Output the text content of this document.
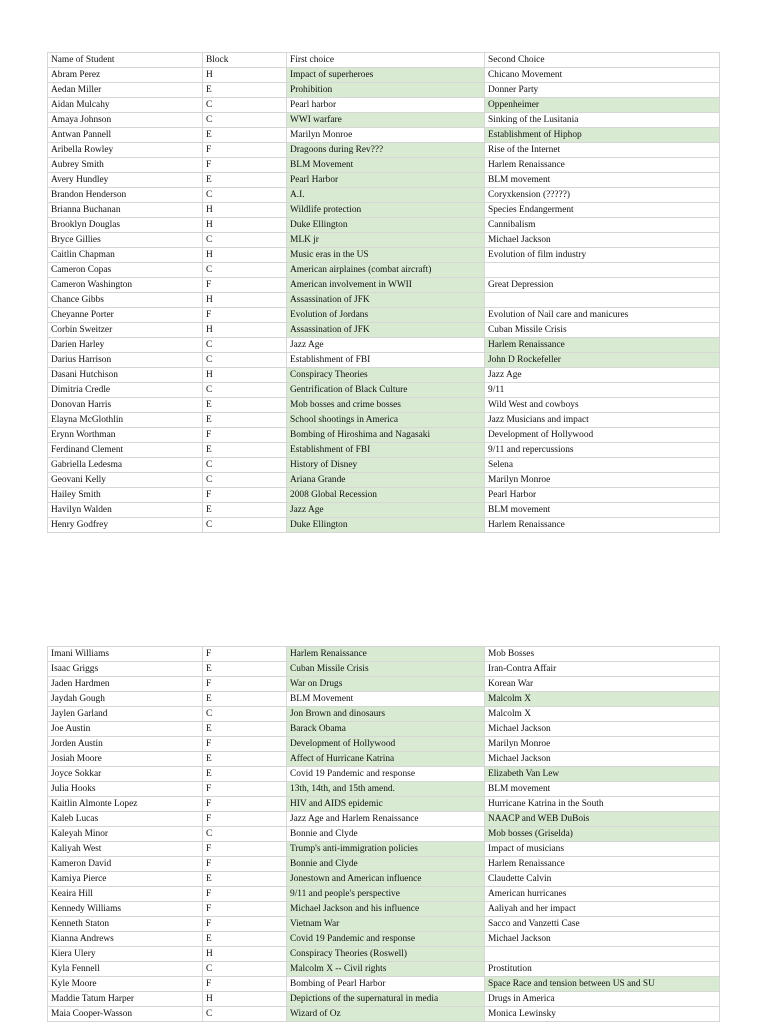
Name of Student	Block	First choice	Second Choice
Abram Perez	H	Impact of superheroes	Chicano Movement
Aedan Miller	E	Prohibition	Donner Party
Aidan Mulcahy	C	Pearl harbor	Oppenheimer
Amaya Johnson	C	WWI warfare	Sinking of the Lusitania
Antwan Pannell	E	Marilyn Monroe	Establishment of Hiphop
Aribella Rowley	F	Dragoons during Rev???	Rise of the Internet
Aubrey Smith	F	BLM Movement	Harlem Renaissance
Avery Hundley	E	Pearl Harbor	BLM movement
Brandon Henderson	C	A.I.	Coryxkension (?????)
Brianna Buchanan	H	Wildlife protection	Species Endangerment
Brooklyn Douglas	H	Duke Ellington	Cannibalism
Bryce Gillies	C	MLK jr	Michael Jackson
Caitlin Chapman	H	Music eras in the US	Evolution of film industry
Cameron Copas	C	American airplaines (combat aircraft)	
Cameron Washington	F	American involvement in WWII	Great Depression
Chance Gibbs	H	Assassination of JFK	
Cheyanne Porter	F	Evolution of Jordans	Evolution of Nail care and manicures
Corbin Sweitzer	H	Assassination of JFK	Cuban Missile Crisis
Darien Harley	C	Jazz Age	Harlem Renaissance
Darius Harrison	C	Establishment of FBI	John D Rockefeller
Dasani Hutchison	H	Conspiracy Theories	Jazz Age
Dimitria Credle	C	Gentrification of Black Culture	9/11
Donovan Harris	E	Mob bosses and crime bosses	Wild West and cowboys
Elayna McGlothlin	E	School shootings in America	Jazz Musicians and impact
Erynn Worthman	F	Bombing of Hiroshima and Nagasaki	Development of Hollywood
Ferdinand Clement	E	Establishment of FBI	9/11 and repercussions
Gabriella Ledesma	C	History of Disney	Selena
Geovani Kelly	C	Ariana Grande	Marilyn Monroe
Hailey Smith	F	2008 Global Recession	Pearl Harbor
Havilyn Walden	E	Jazz Age	BLM movement
Henry Godfrey	C	Duke Ellington	Harlem Renaissance
Imani Williams	F	Harlem Renaissance	Mob Bosses
Isaac Griggs	E	Cuban Missile Crisis	Iran-Contra Affair
Jaden Hardmen	F	War on Drugs	Korean War
Jaydah Gough	E	BLM Movement	Malcolm X
Jaylen Garland	C	Jon Brown and dinosaurs	Malcolm X
Joe Austin	E	Barack Obama	Michael Jackson
Jorden Austin	F	Development of Hollywood	Marilyn Monroe
Josiah Moore	E	Affect of Hurricane Katrina	Michael Jackson
Joyce Sokkar	E	Covid 19 Pandemic and response	Elizabeth Van Lew
Julia Hooks	F	13th, 14th, and 15th amend.	BLM movement
Kaitlin Almonte Lopez	F	HIV and AIDS epidemic	Hurricane Katrina in the South
Kaleb Lucas	F	Jazz Age and Harlem Renaissance	NAACP and WEB DuBois
Kaleyah Minor	C	Bonnie and Clyde	Mob bosses (Griselda)
Kaliyah West	F	Trump's anti-immigration policies	Impact of musicians
Kameron David	F	Bonnie and Clyde	Harlem Renaissance
Kamiya Pierce	E	Jonestown and American influence	Claudette Calvin
Keaira Hill	F	9/11 and people's perspective	American hurricanes
Kennedy Williams	F	Michael Jackson and his influence	Aaliyah and her impact
Kenneth Staton	F	Vietnam War	Sacco and Vanzetti Case
Kianna Andrews	E	Covid 19 Pandemic and response	Michael Jackson
Kiera Ulery	H	Conspiracy Theories (Roswell)	
Kyla Fennell	C	Malcolm X -- Civil rights	Prostitution
Kyle Moore	F	Bombing of Pearl Harbor	Space Race and tension between US and SU
Maddie Tatum Harper	H	Depictions of the supernatural in media	Drugs in America
Maia Cooper-Wasson	C	Wizard of Oz	Monica Lewinsky
